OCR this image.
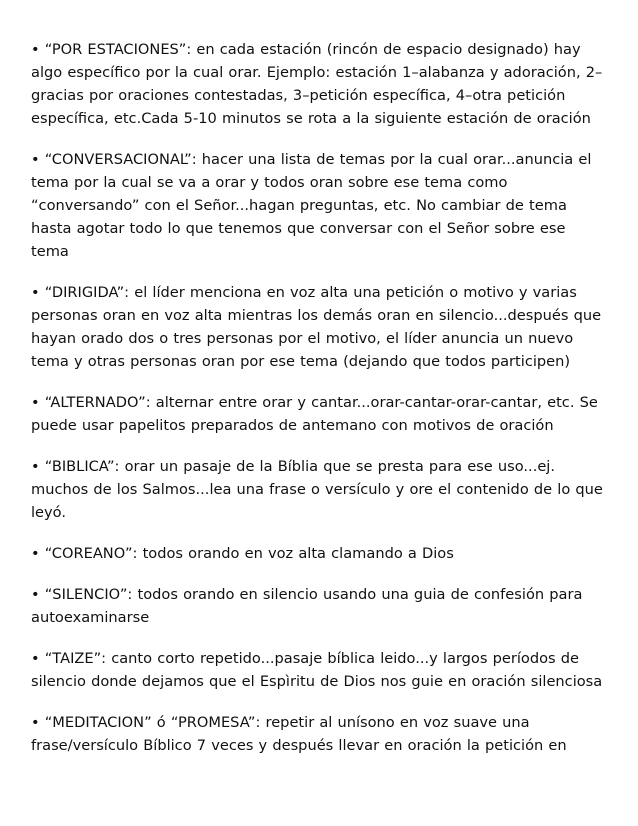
• “POR ESTACIONES”: en cada estación (rincón de espacio designado) hay algo específico por la cual orar. Ejemplo: estación 1–alabanza y adoración, 2–gracias por oraciones contestadas, 3–petición específica, 4–otra petición específica, etc.Cada 5-10 minutos se rota a la siguiente estación de oración

• “CONVERSACIONAL”: hacer una lista de temas por la cual orar...anuncia el tema por la cual se va a orar y todos oran sobre ese tema como “conversando” con el Señor...hagan preguntas, etc. No cambiar de tema hasta agotar todo lo que tenemos que conversar con el Señor sobre ese tema

• “DIRIGIDA”: el líder menciona en voz alta una petición o motivo y varias personas oran en voz alta mientras los demás oran en silencio...después que hayan orado dos o tres personas por el motivo, el líder anuncia un nuevo tema y otras personas oran por ese tema (dejando que todos participen)

• “ALTERNADO”: alternar entre orar y cantar...orar-cantar-orar-cantar, etc. Se puede usar papelitos preparados de antemano con motivos de oración

• “BIBLICA”: orar un pasaje de la Bíblia que se presta para ese uso...ej. muchos de los Salmos...lea una frase o versículo y ore el contenido de lo que leyó.

• “COREANO”: todos orando en voz alta clamando a Dios

• “SILENCIO”: todos orando en silencio usando una guia de confesión para autoexaminarse

• “TAIZE”: canto corto repetido...pasaje bíblica leido...y largos períodos de silencio donde dejamos que el Espìritu de Dios nos guie en oración silenciosa

• “MEDITACION” ó “PROMESA”: repetir al unísono en voz suave una frase/versículo Bíblico 7 veces y después llevar en oración la petición en
